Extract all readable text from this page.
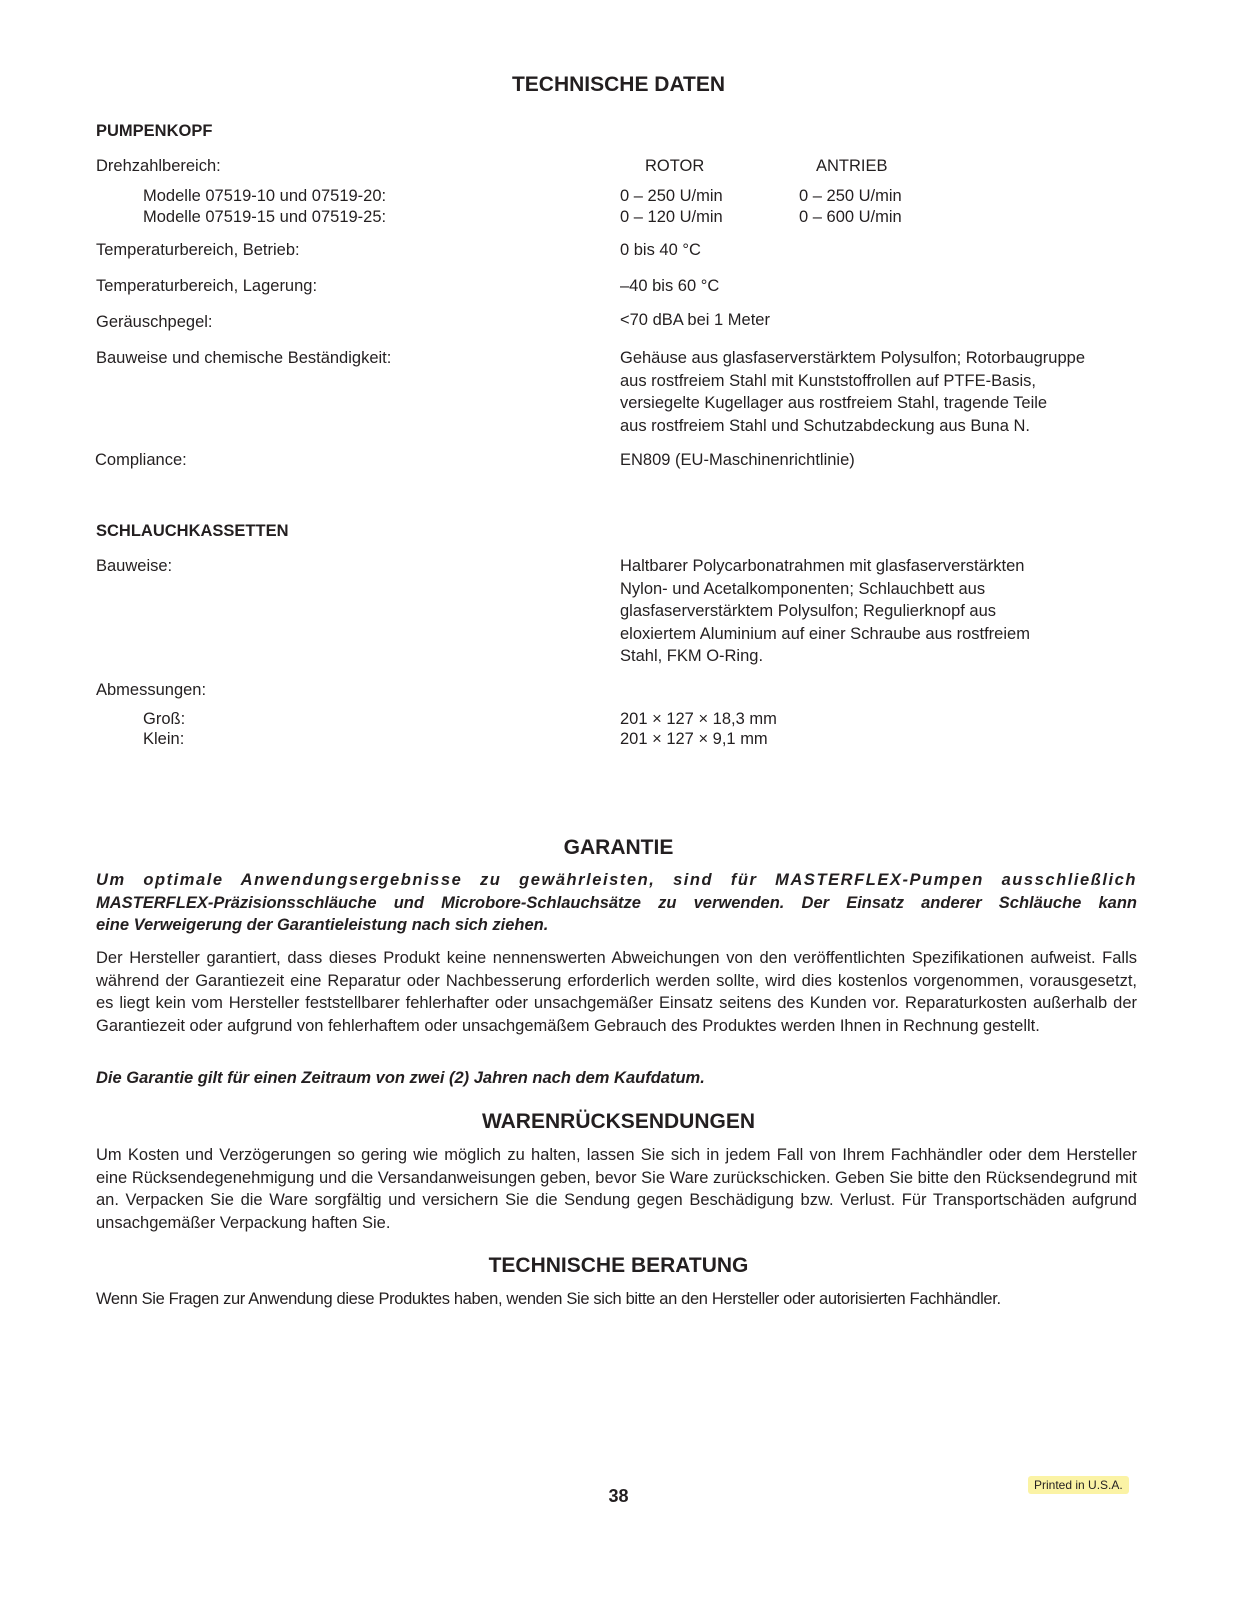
TECHNISCHE DATEN
PUMPENKOPF
Drehzahlbereich:	ROTOR	ANTRIEB
Modelle 07519-10 und 07519-20:	0 – 250 U/min	0 – 250 U/min
Modelle 07519-15 und 07519-25:	0 – 120 U/min	0 – 600 U/min
Temperaturbereich, Betrieb:	0 bis 40 °C
Temperaturbereich, Lagerung:	–40 bis 60 °C
Geräuschpegel:	<70 dBA bei 1 Meter
Bauweise und chemische Beständigkeit:	Gehäuse aus glasfaserverstärktem Polysulfon; Rotorbaugruppe
aus rostfreiem Stahl mit Kunststoffrollen auf PTFE-Basis,
versiegelte Kugellager aus rostfreiem Stahl, tragende Teile
aus rostfreiem Stahl und Schutzabdeckung aus Buna N.
Compliance:	EN809 (EU-Maschinenrichtlinie)
SCHLAUCHKASSETTEN
Bauweise:	Haltbarer Polycarbonatrahmen mit glasfaserverstärkten
Nylon- und Acetalkomponenten; Schlauchbett aus
glasfaserverstärktem Polysulfon; Regulierknopf aus
eloxiertem Aluminium auf einer Schraube aus rostfreiem
Stahl, FKM O-Ring.
Abmessungen:
Groß:	201 × 127 × 18,3 mm
Klein:	201 × 127 × 9,1 mm
GARANTIE
Um optimale Anwendungsergebnisse zu gewährleisten, sind für MASTERFLEX-Pumpen ausschließlich
MASTERFLEX-Präzisionsschläuche und Microbore-Schlauchsätze zu verwenden. Der Einsatz anderer Schläuche kann
eine Verweigerung der Garantieleistung nach sich ziehen.
Der Hersteller garantiert, dass dieses Produkt keine nennenswerten Abweichungen von den veröffentlichten Spezifikationen aufweist. Falls während der Garantiezeit eine Reparatur oder Nachbesserung erforderlich werden sollte, wird dies kostenlos vorgenommen, vorausgesetzt, es liegt kein vom Hersteller feststellbarer fehlerhafter oder unsachgemäßer Einsatz seitens des Kunden vor. Reparaturkosten außerhalb der Garantiezeit oder aufgrund von fehlerhaftem oder unsachgemäßem Gebrauch des Produktes werden Ihnen in Rechnung gestellt.
Die Garantie gilt für einen Zeitraum von zwei (2) Jahren nach dem Kaufdatum.
WARENRÜCKSENDUNGEN
Um Kosten und Verzögerungen so gering wie möglich zu halten, lassen Sie sich in jedem Fall von Ihrem Fachhändler oder dem Hersteller eine Rücksendegenehmigung und die Versandanweisungen geben, bevor Sie Ware zurückschicken. Geben Sie bitte den Rücksendegrund mit an. Verpacken Sie die Ware sorgfältig und versichern Sie die Sendung gegen Beschädigung bzw. Verlust. Für Transportschäden aufgrund unsachgemäßer Verpackung haften Sie.
TECHNISCHE BERATUNG
Wenn Sie Fragen zur Anwendung diese Produktes haben, wenden Sie sich bitte an den Hersteller oder autorisierten Fachhändler.
38
Printed in U.S.A.
